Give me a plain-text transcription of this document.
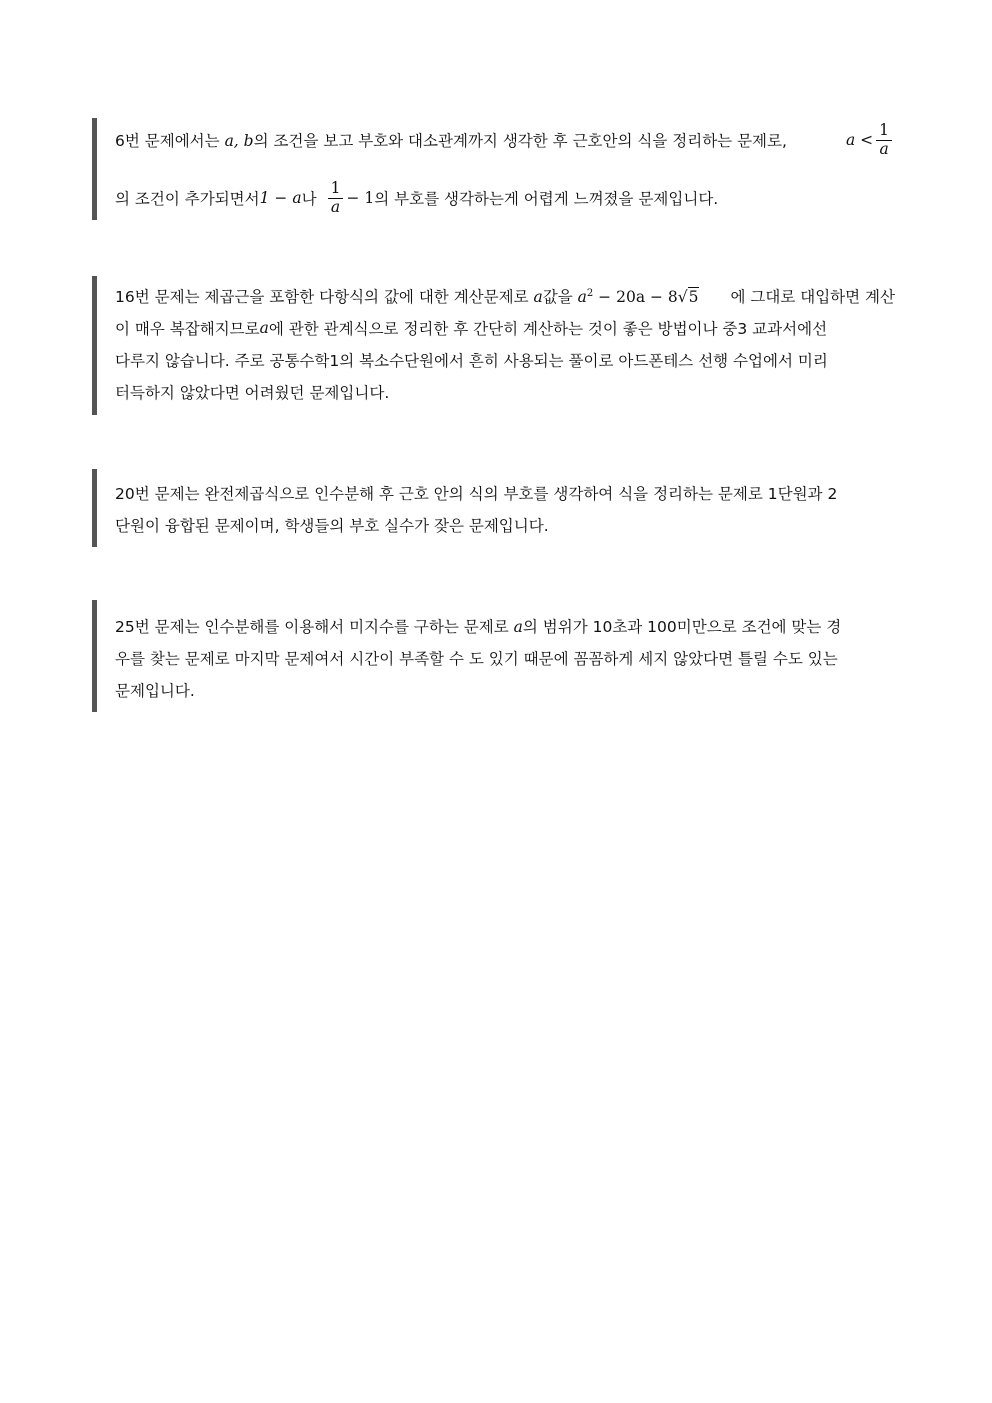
6번 문제에서는 a, b의 조건을 보고 부호와 대소관계까지 생각한 후 근호안의 식을 정리하는 문제로,	$a < \frac{1}{a}$
의 조건이 추가되면서 1 − a 나 $\frac{1}{a} - 1$ 의 부호를 생각하는게 어렵게 느껴졌을 문제입니다.
16번 문제는 제곱근을 포함한 다항식의 값에 대한 계산문제로 a값을 $a^2 - 20a - 8√5$ 에 그대로 대입하면 계산
이 매우 복잡해지므로 a 에 관한 관계식으로 정리한 후 간단히 계산하는 것이 좋은 방법이나 중3 교과서에선
다루지 않습니다. 주로 공통수학1의 복소수단원에서 흔히 사용되는 풀이로 아드폰테스 선행 수업에서 미리
터득하지 않았다면 어려웠던 문제입니다.
20번 문제는 완전제곱식으로 인수분해 후 근호 안의 식의 부호를 생각하여 식을 정리하는 문제로 1단원과 2
단원이 융합된 문제이며, 학생들의 부호 실수가 잦은 문제입니다.
25번 문제는 인수분해를 이용해서 미지수를 구하는 문제로 a의 범위가 10초과 100미만으로 조건에 맞는 경
우를 찾는 문제로 마지막 문제여서 시간이 부족할 수 도 있기 때문에 꼼꼼하게 세지 않았다면 틀릴 수도 있는
문제입니다.
